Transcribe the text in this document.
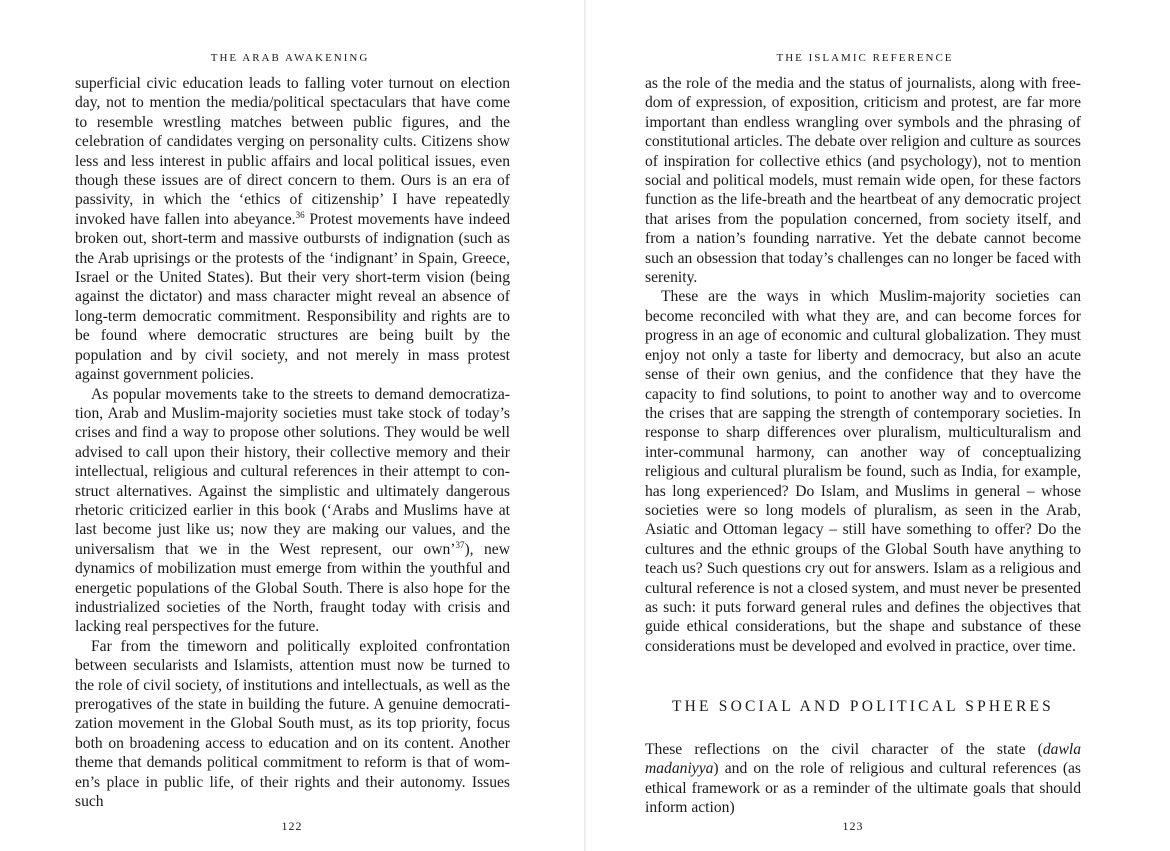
THE ARAB AWAKENING

superficial civic education leads to falling voter turnout on election day, not to mention the media/political spectaculars that have come to resemble wrestling matches between public figures, and the celebration of candidates verging on personality cults. Citizens show less and less interest in public affairs and local political issues, even though these issues are of direct concern to them. Ours is an era of passivity, in which the ‘ethics of citizenship’ I have repeatedly invoked have fallen into abeyance.$^{36}$ Protest movements have indeed broken out, short-term and massive outbursts of indignation (such as the Arab uprisings or the protests of the ‘indignant’ in Spain, Greece, Israel or the United States). But their very short-term vision (being against the dictator) and mass character might reveal an absence of long-term democratic commitment. Responsibility and rights are to be found where democratic structures are being built by the population and by civil society, and not merely in mass protest against government policies.

As popular movements take to the streets to demand democratization, Arab and Muslim-majority societies must take stock of today’s crises and find a way to propose other solutions. They would be well advised to call upon their history, their collective memory and their intellectual, religious and cultural references in their attempt to construct alternatives. Against the simplistic and ultimately dangerous rhetoric criticized earlier in this book (‘Arabs and Muslims have at last become just like us; now they are making our values, and the universalism that we in the West represent, our own’$^{37}$), new dynamics of mobilization must emerge from within the youthful and energetic populations of the Global South. There is also hope for the industrialized societies of the North, fraught today with crisis and lacking real perspectives for the future.

Far from the timeworn and politically exploited confrontation between secularists and Islamists, attention must now be turned to the role of civil society, of institutions and intellectuals, as well as the prerogatives of the state in building the future. A genuine democratization movement in the Global South must, as its top priority, focus both on broadening access to education and on its content. Another theme that demands political commitment to reform is that of women’s place in public life, of their rights and their autonomy. Issues such

122
THE ISLAMIC REFERENCE

as the role of the media and the status of journalists, along with freedom of expression, of exposition, criticism and protest, are far more important than endless wrangling over symbols and the phrasing of constitutional articles. The debate over religion and culture as sources of inspiration for collective ethics (and psychology), not to mention social and political models, must remain wide open, for these factors function as the life-breath and the heartbeat of any democratic project that arises from the population concerned, from society itself, and from a nation’s founding narrative. Yet the debate cannot become such an obsession that today’s challenges can no longer be faced with serenity.

These are the ways in which Muslim-majority societies can become reconciled with what they are, and can become forces for progress in an age of economic and cultural globalization. They must enjoy not only a taste for liberty and democracy, but also an acute sense of their own genius, and the confidence that they have the capacity to find solutions, to point to another way and to overcome the crises that are sapping the strength of contemporary societies. In response to sharp differences over pluralism, multiculturalism and inter-communal harmony, can another way of conceptualizing religious and cultural pluralism be found, such as India, for example, has long experienced? Do Islam, and Muslims in general – whose societies were so long models of pluralism, as seen in the Arab, Asiatic and Ottoman legacy – still have something to offer? Do the cultures and the ethnic groups of the Global South have anything to teach us? Such questions cry out for answers. Islam as a religious and cultural reference is not a closed system, and must never be presented as such: it puts forward general rules and defines the objectives that guide ethical considerations, but the shape and substance of these considerations must be developed and evolved in practice, over time.

THE SOCIAL AND POLITICAL SPHERES

These reflections on the civil character of the state (dawla madaniyya) and on the role of religious and cultural references (as ethical framework or as a reminder of the ultimate goals that should inform action)

123
